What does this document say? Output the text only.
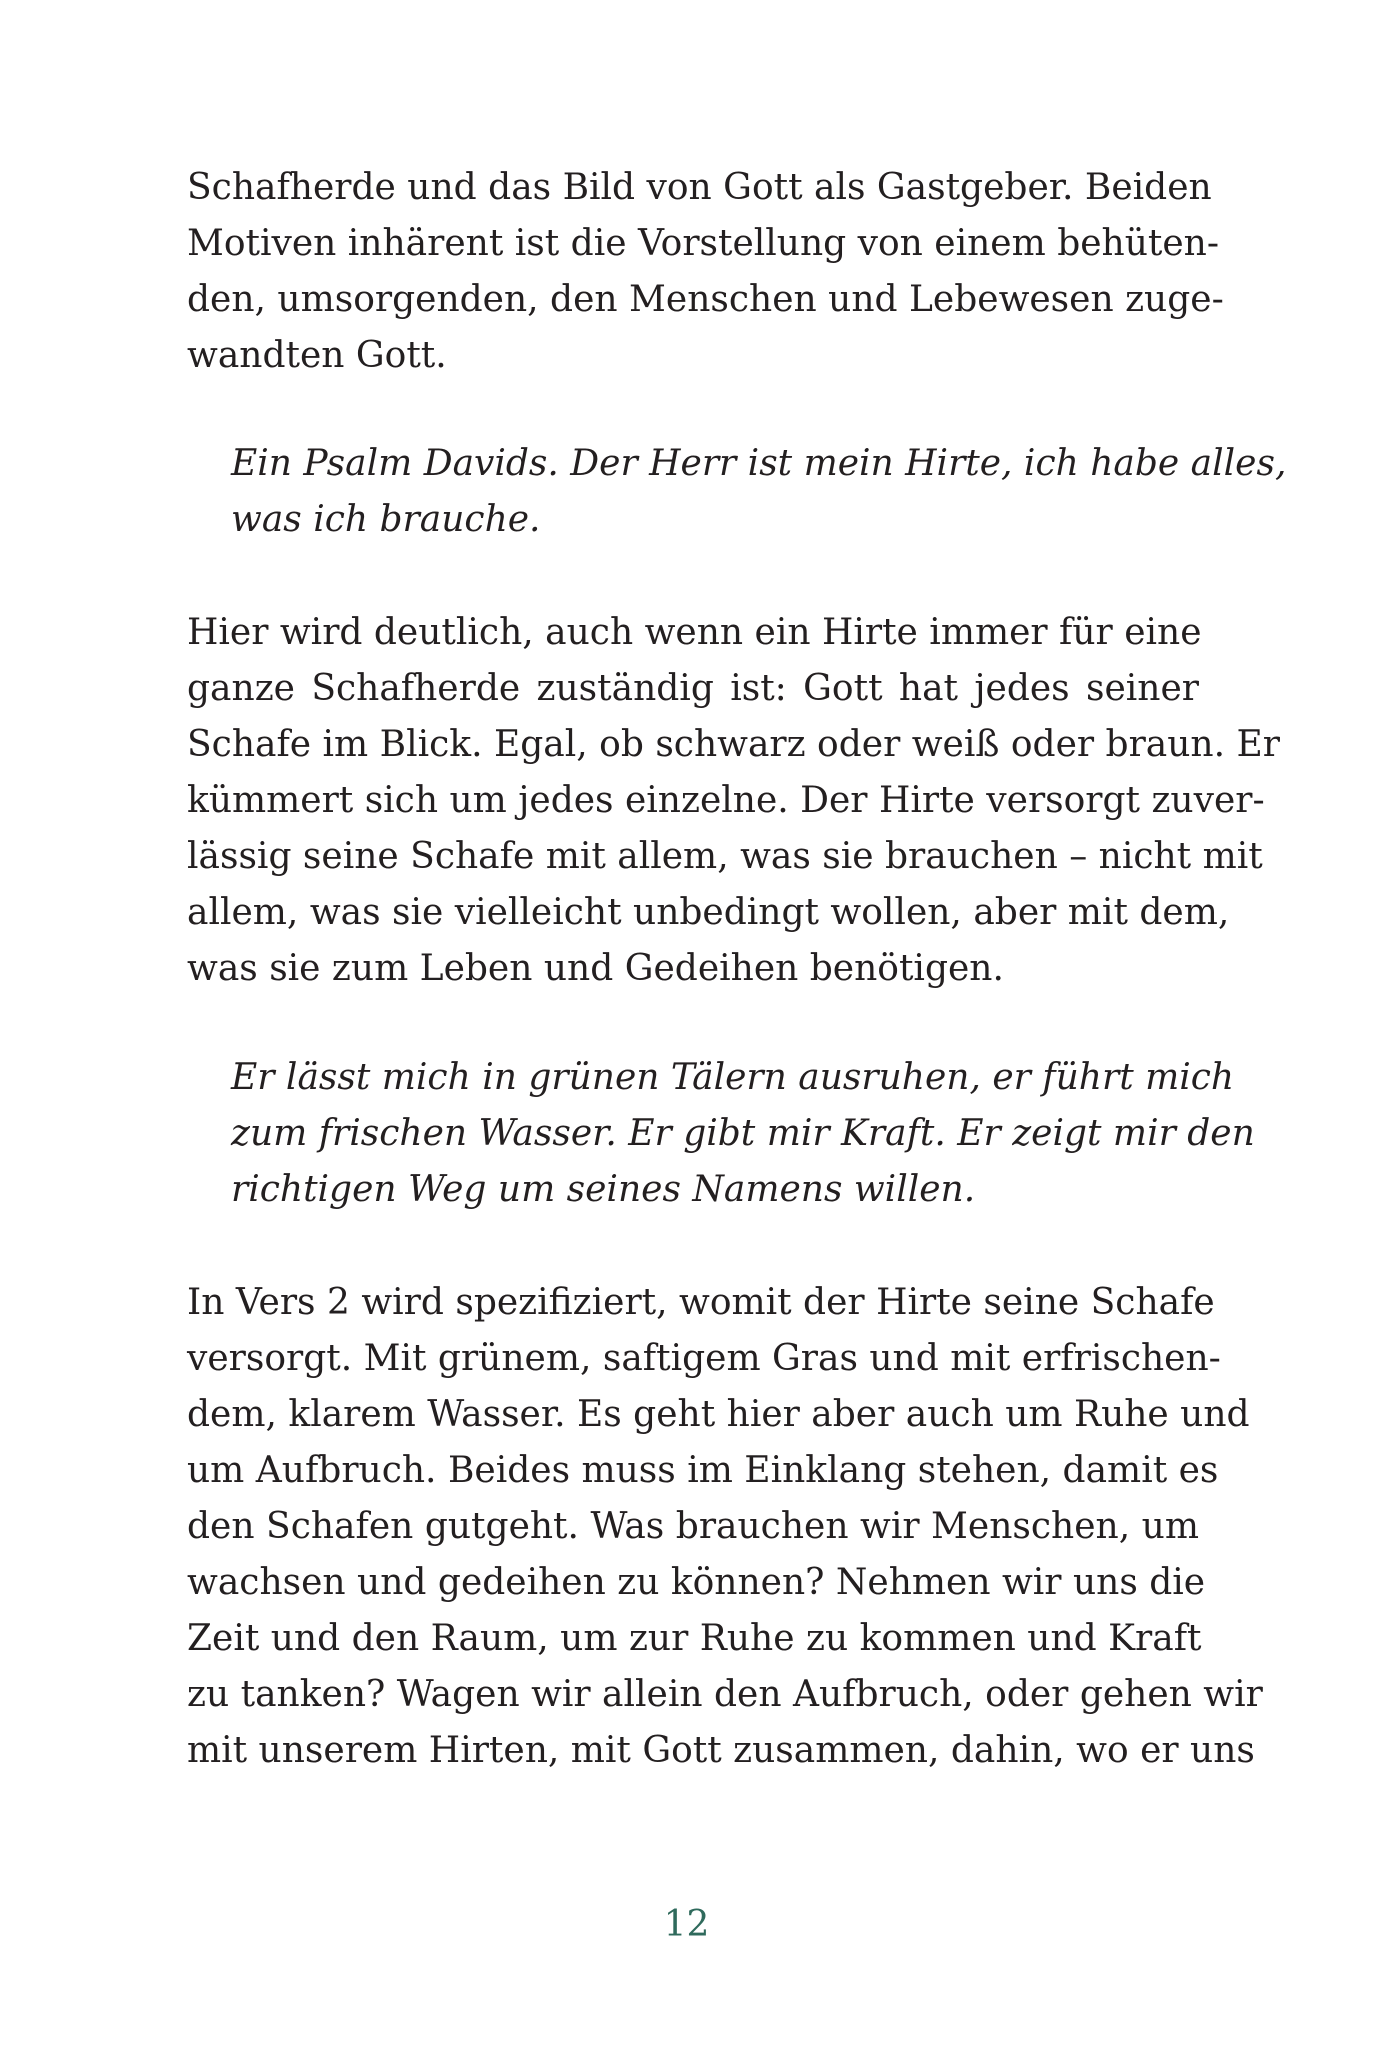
Schafherde und das Bild von Gott als Gastgeber. Beiden
Motiven inhärent ist die Vorstellung von einem behüten-
den, umsorgenden, den Menschen und Lebewesen zuge-
wandten Gott.
Ein Psalm Davids. Der Herr ist mein Hirte, ich habe alles,
was ich brauche.
Hier wird deutlich, auch wenn ein Hirte immer für eine
ganze Schafherde zuständig ist: Gott hat jedes seiner
Schafe im Blick. Egal, ob schwarz oder weiß oder braun. Er
kümmert sich um jedes einzelne. Der Hirte versorgt zuver-
lässig seine Schafe mit allem, was sie brauchen – nicht mit
allem, was sie vielleicht unbedingt wollen, aber mit dem,
was sie zum Leben und Gedeihen benötigen.
Er lässt mich in grünen Tälern ausruhen, er führt mich
zum frischen Wasser. Er gibt mir Kraft. Er zeigt mir den
richtigen Weg um seines Namens willen.
In Vers 2 wird spezifiziert, womit der Hirte seine Schafe
versorgt. Mit grünem, saftigem Gras und mit erfrischen-
dem, klarem Wasser. Es geht hier aber auch um Ruhe und
um Aufbruch. Beides muss im Einklang stehen, damit es
den Schafen gutgeht. Was brauchen wir Menschen, um
wachsen und gedeihen zu können? Nehmen wir uns die
Zeit und den Raum, um zur Ruhe zu kommen und Kraft
zu tanken? Wagen wir allein den Aufbruch, oder gehen wir
mit unserem Hirten, mit Gott zusammen, dahin, wo er uns
12
